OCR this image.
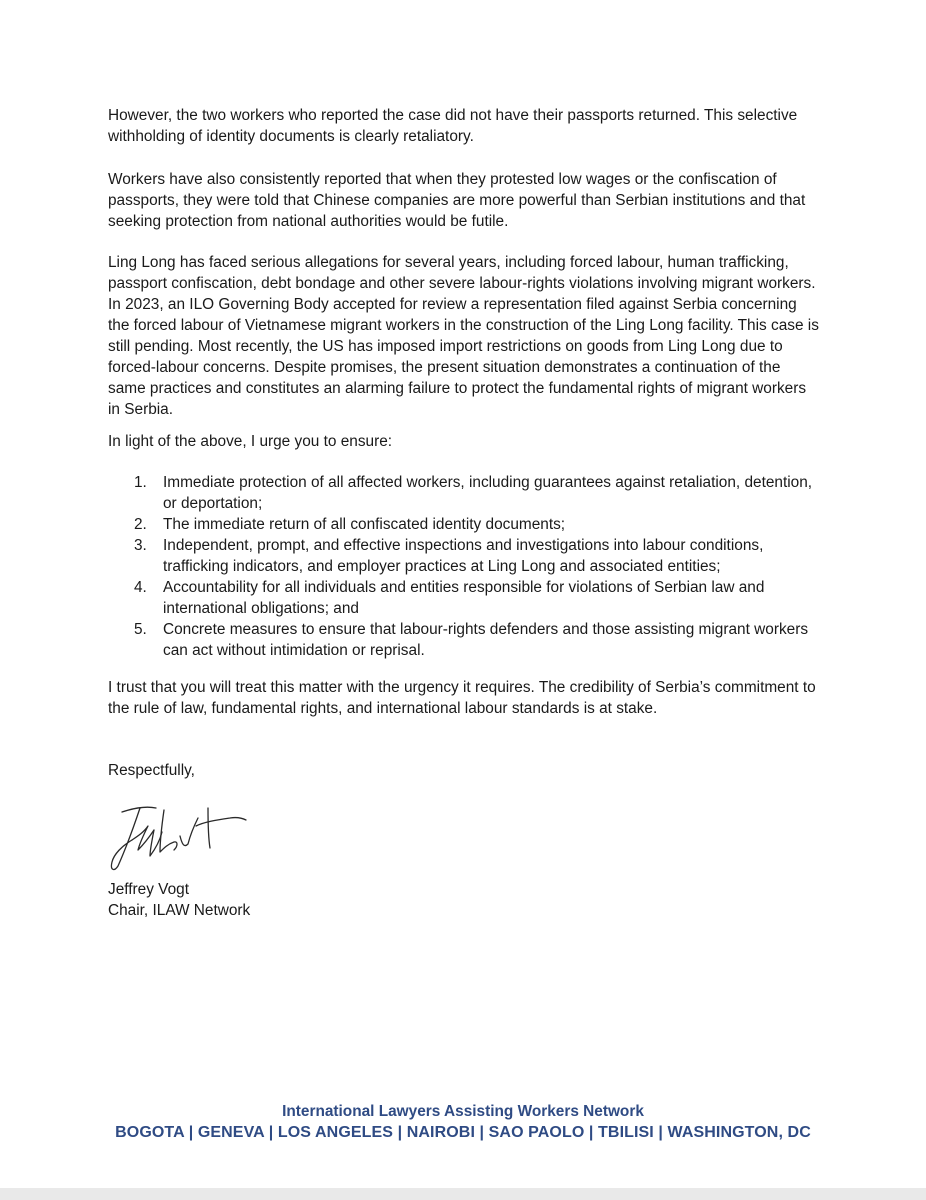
However, the two workers who reported the case did not have their passports returned. This selective withholding of identity documents is clearly retaliatory.

Workers have also consistently reported that when they protested low wages or the confiscation of passports, they were told that Chinese companies are more powerful than Serbian institutions and that seeking protection from national authorities would be futile.

Ling Long has faced serious allegations for several years, including forced labour, human trafficking, passport confiscation, debt bondage and other severe labour-rights violations involving migrant workers. In 2023, an ILO Governing Body accepted for review a representation filed against Serbia concerning the forced labour of Vietnamese migrant workers in the construction of the Ling Long facility. This case is still pending. Most recently, the US has imposed import restrictions on goods from Ling Long due to forced-labour concerns. Despite promises, the present situation demonstrates a continuation of the same practices and constitutes an alarming failure to protect the fundamental rights of migrant workers in Serbia.

In light of the above, I urge you to ensure:

1. Immediate protection of all affected workers, including guarantees against retaliation, detention, or deportation;
2. The immediate return of all confiscated identity documents;
3. Independent, prompt, and effective inspections and investigations into labour conditions, trafficking indicators, and employer practices at Ling Long and associated entities;
4. Accountability for all individuals and entities responsible for violations of Serbian law and international obligations; and
5. Concrete measures to ensure that labour-rights defenders and those assisting migrant workers can act without intimidation or reprisal.

I trust that you will treat this matter with the urgency it requires. The credibility of Serbia’s commitment to the rule of law, fundamental rights, and international labour standards is at stake.

Respectfully,

Jeffrey Vogt
Chair, ILAW Network
International Lawyers Assisting Workers Network
BOGOTA | GENEVA | LOS ANGELES | NAIROBI | SAO PAOLO | TBILISI | WASHINGTON, DC
